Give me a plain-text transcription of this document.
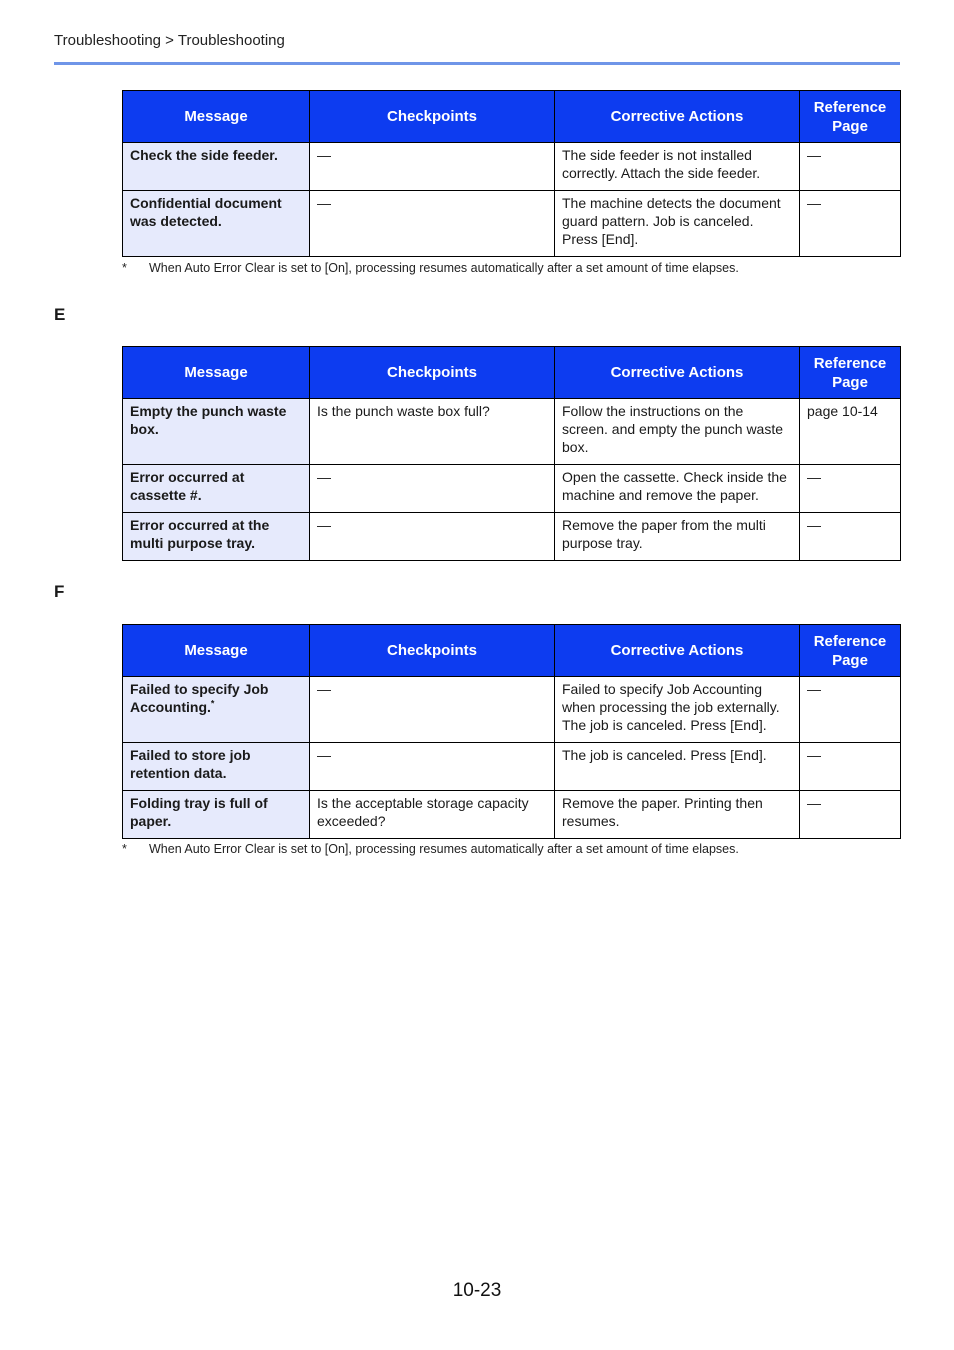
Troubleshooting > Troubleshooting
Message	Checkpoints	Corrective Actions	Reference Page
Check the side feeder.	—	The side feeder is not installed correctly. Attach the side feeder.	—
Confidential document was detected.	—	The machine detects the document guard pattern. Job is canceled. Press [End].	—
* When Auto Error Clear is set to [On], processing resumes automatically after a set amount of time elapses.
E
Message	Checkpoints	Corrective Actions	Reference Page
Empty the punch waste box.	Is the punch waste box full?	Follow the instructions on the screen. and empty the punch waste box.	page 10-14
Error occurred at cassette #.	—	Open the cassette. Check inside the machine and remove the paper.	—
Error occurred at the multi purpose tray.	—	Remove the paper from the multi purpose tray.	—
F
Message	Checkpoints	Corrective Actions	Reference Page
Failed to specify Job Accounting.*	—	Failed to specify Job Accounting when processing the job externally. The job is canceled. Press [End].	—
Failed to store job retention data.	—	The job is canceled. Press [End].	—
Folding tray is full of paper.	Is the acceptable storage capacity exceeded?	Remove the paper. Printing then resumes.	—
* When Auto Error Clear is set to [On], processing resumes automatically after a set amount of time elapses.
10-23
